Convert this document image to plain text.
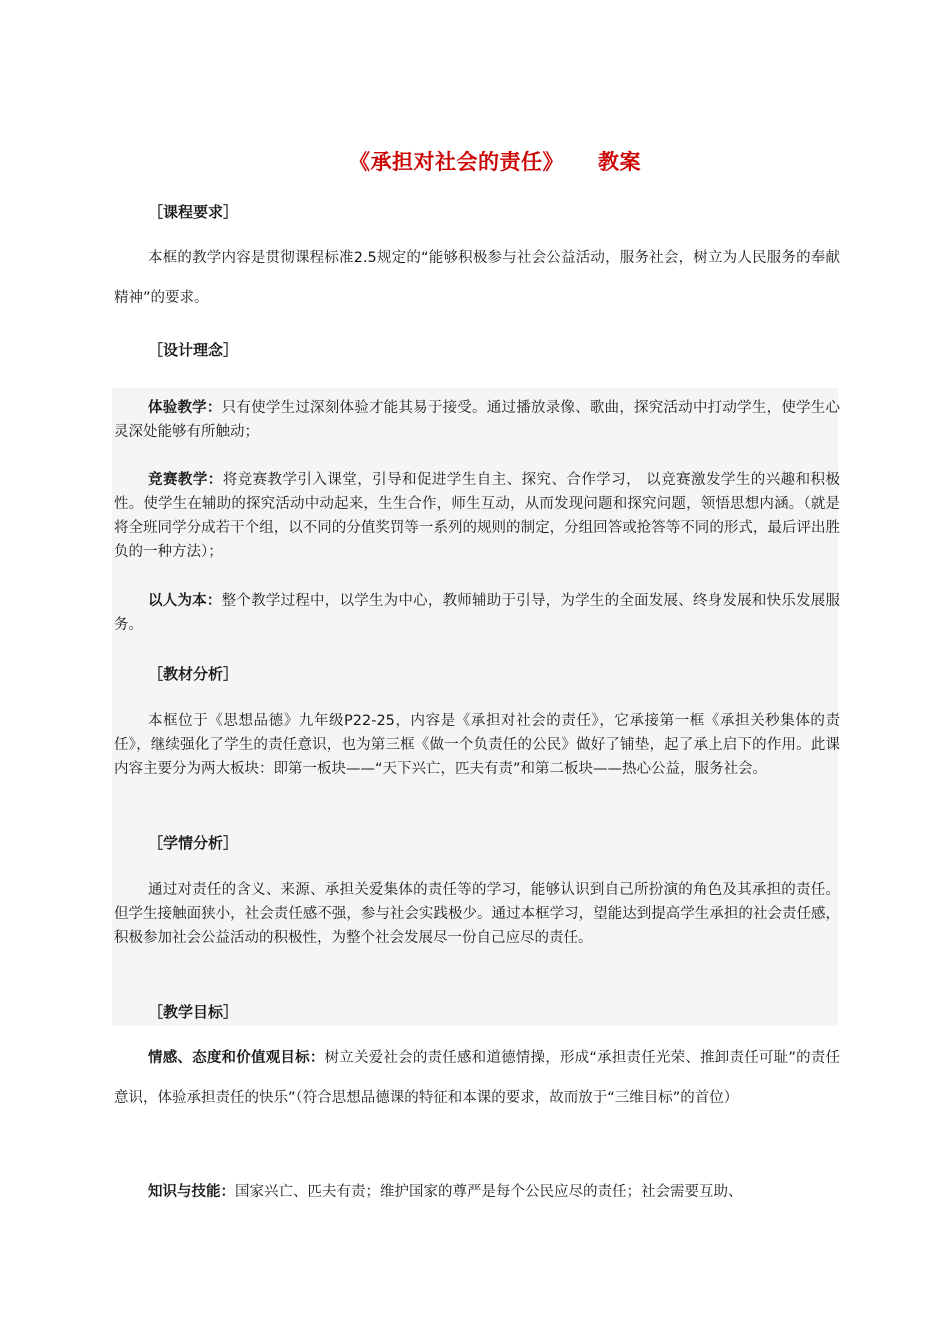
《承担对社会的责任》 教案
［课程要求］
本框的教学内容是贯彻课程标准2.5规定的“能够积极参与社会公益活动，服务社会，树立为人民服务的奉献精神”的要求。
［设计理念］
体验教学：只有使学生过深刻体验才能其易于接受。通过播放录像、歌曲，探究活动中打动学生，使学生心灵深处能够有所触动；
竞赛教学：将竞赛教学引入课堂，引导和促进学生自主、探究、合作学习， 以竞赛激发学生的兴趣和积极性。使学生在辅助的探究活动中动起来，生生合作，师生互动，从而发现问题和探究问题，领悟思想内涵。（就是将全班同学分成若干个组，以不同的分值奖罚等一系列的规则的制定，分组回答或抢答等不同的形式，最后评出胜负的一种方法）；
以人为本：整个教学过程中，以学生为中心，教师辅助于引导，为学生的全面发展、终身发展和快乐发展服务。
［教材分析］
本框位于《思想品德》九年级P22-25，内容是《承担对社会的责任》，它承接第一框《承担关秒集体的责任》，继续强化了学生的责任意识，也为第三框《做一个负责任的公民》做好了铺垫，起了承上启下的作用。此课内容主要分为两大板块：即第一板块——“天下兴亡，匹夫有责”和第二板块——热心公益，服务社会。
［学情分析］
通过对责任的含义、来源、承担关爱集体的责任等的学习，能够认识到自己所扮演的角色及其承担的责任。但学生接触面狭小，社会责任感不强，参与社会实践极少。通过本框学习，望能达到提高学生承担的社会责任感，积极参加社会公益活动的积极性，为整个社会发展尽一份自己应尽的责任。
［教学目标］
情感、态度和价值观目标：树立关爱社会的责任感和道德情操，形成“承担责任光荣、推卸责任可耻”的责任意识，体验承担责任的快乐”（符合思想品德课的特征和本课的要求，故而放于“三维目标”的首位）
知识与技能：国家兴亡、匹夫有责；维护国家的尊严是每个公民应尽的责任；社会需要互助、
